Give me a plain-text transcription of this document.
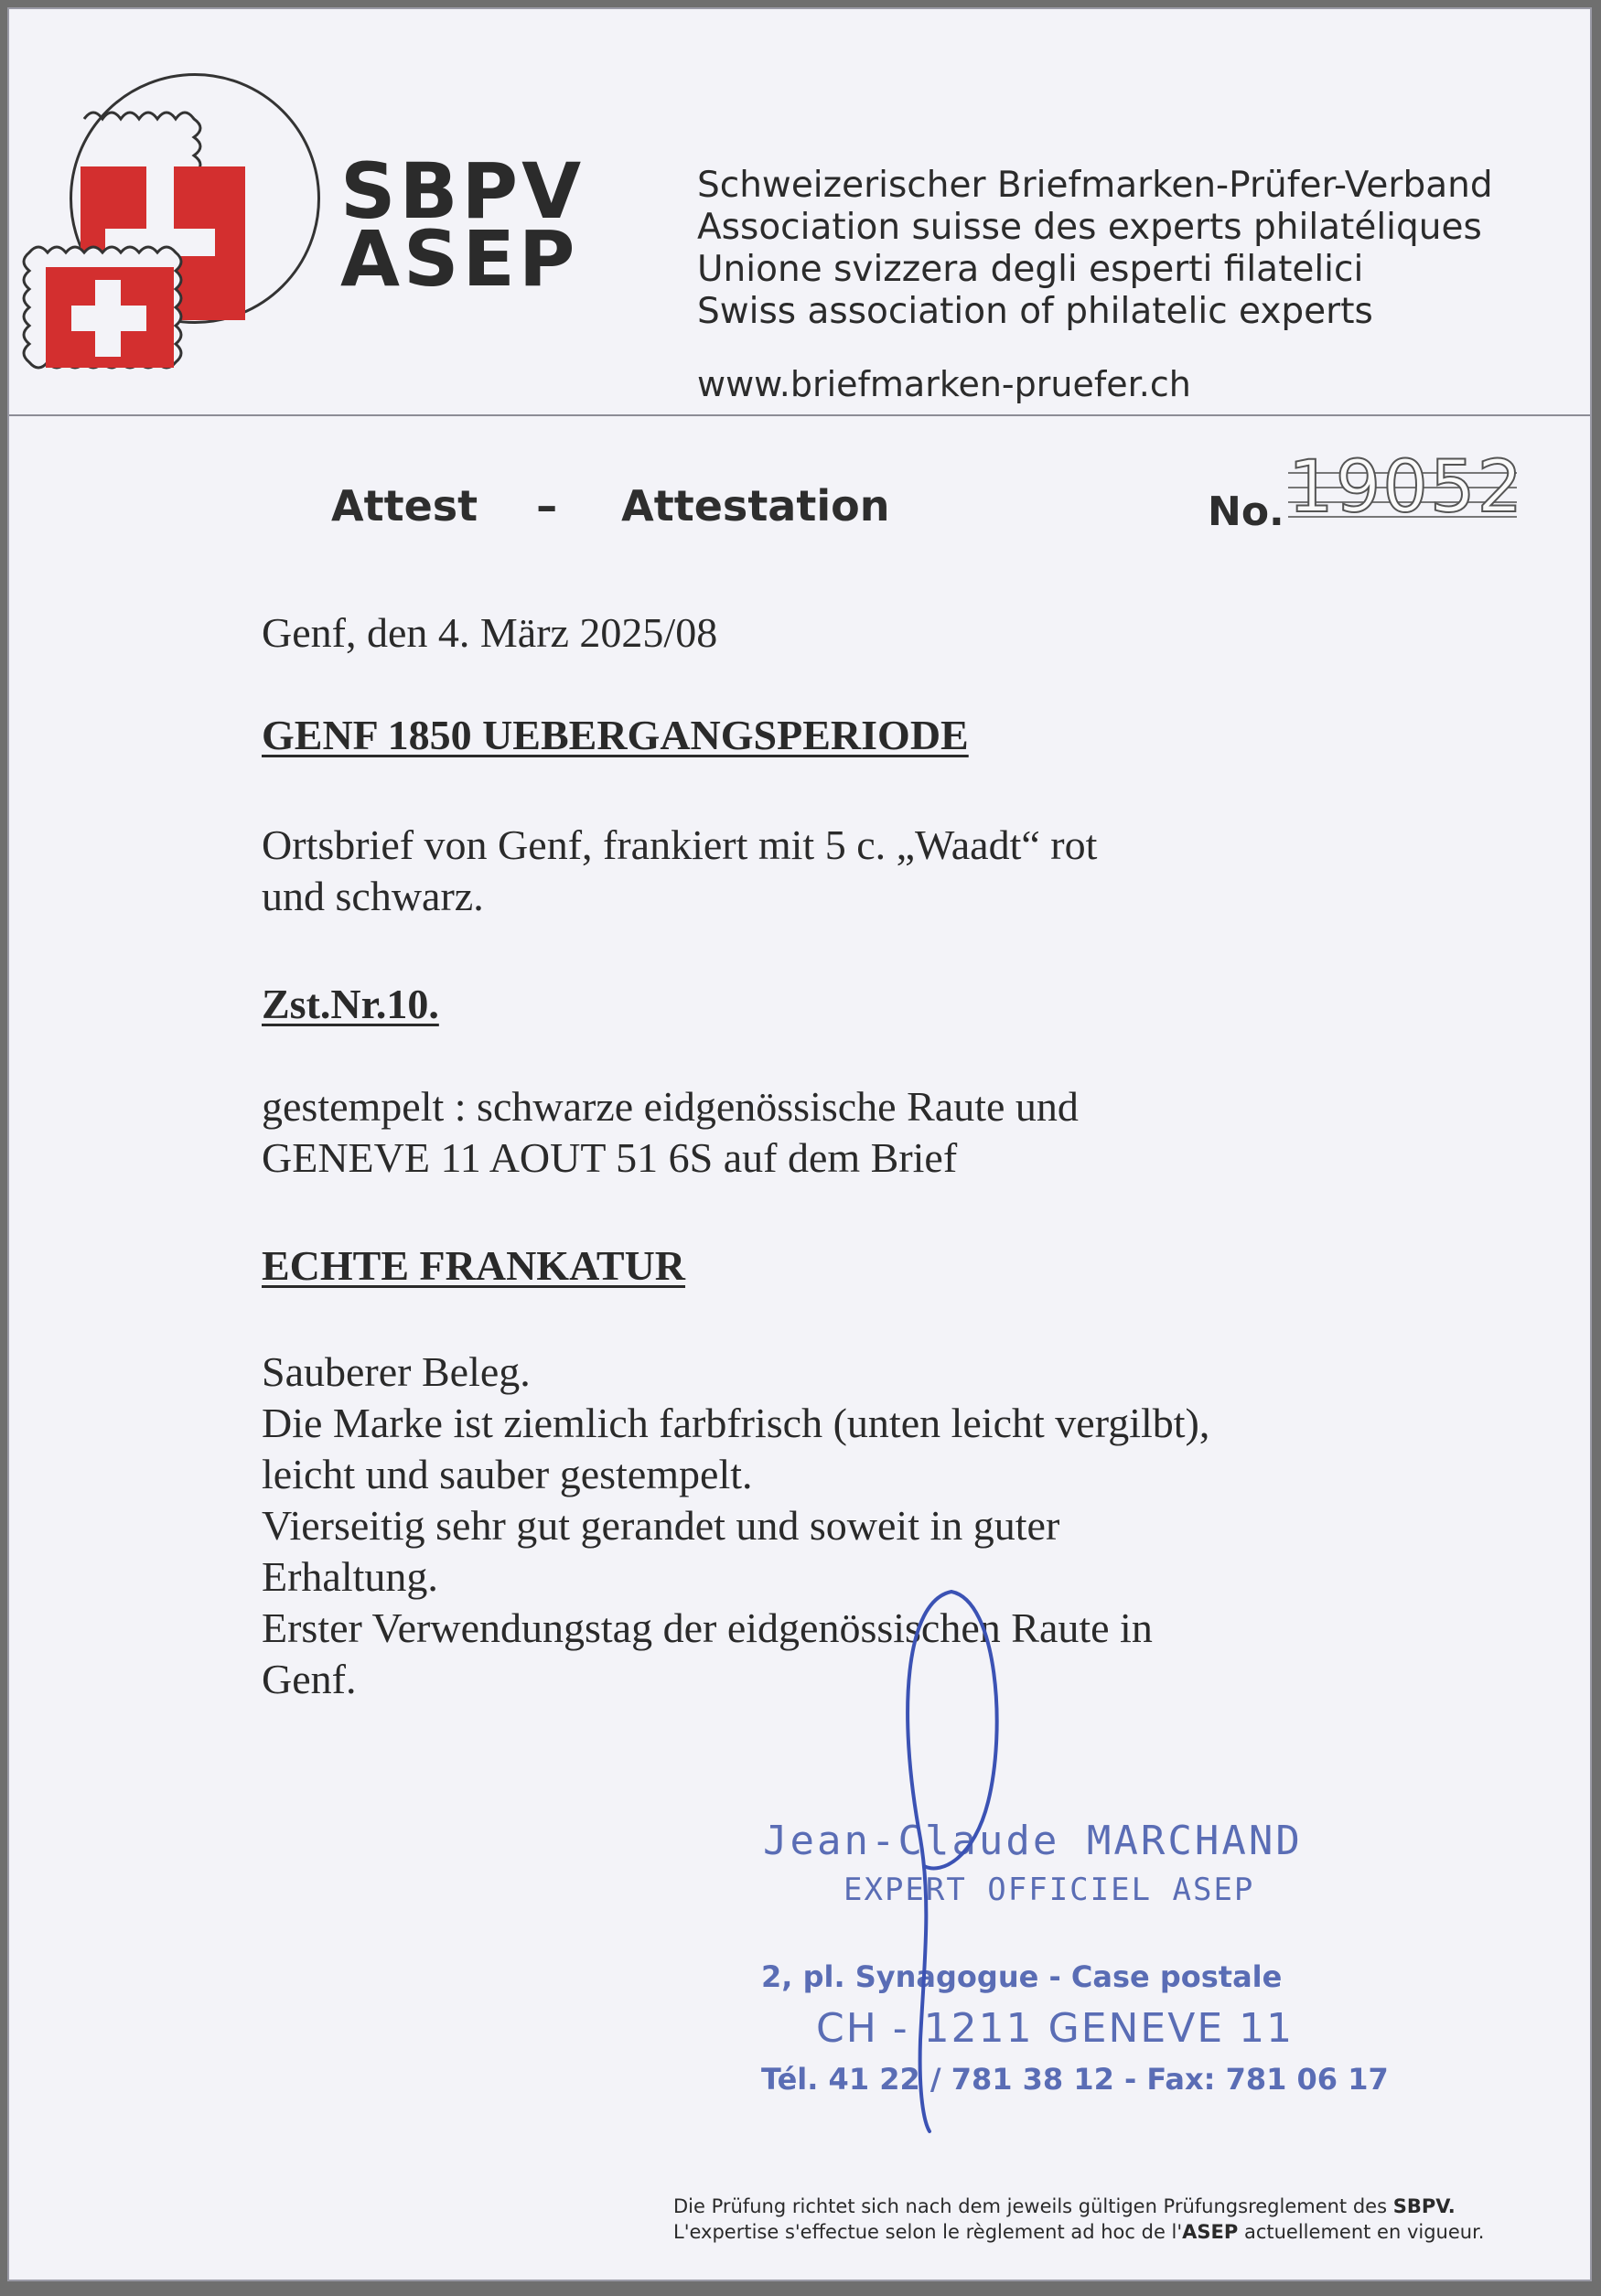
SBPV
ASEP
Schweizerischer Briefmarken-Prüfer-Verband
Association suisse des experts philatéliques
Unione svizzera degli esperti filatelici
Swiss association of philatelic experts
www.briefmarken-pruefer.ch
Attest – Attestation	No. 19052
Genf, den 4. März 2025/08
GENF 1850 UEBERGANGSPERIODE
Ortsbrief von Genf, frankiert mit 5 c. „Waadt“ rot
und schwarz.
Zst.Nr.10.
gestempelt : schwarze eidgenössische Raute und
GENEVE 11 AOUT 51 6S auf dem Brief
ECHTE FRANKATUR
Sauberer Beleg.
Die Marke ist ziemlich farbfrisch (unten leicht vergilbt),
leicht und sauber gestempelt.
Vierseitig sehr gut gerandet und soweit in guter
Erhaltung.
Erster Verwendungstag der eidgenössischen Raute in
Genf.
Jean-Claude MARCHAND
EXPERT OFFICIEL ASEP
2, pl. Synagogue - Case postale
CH - 1211 GENEVE 11
Tél. 41 22 / 781 38 12 - Fax: 781 06 17
Die Prüfung richtet sich nach dem jeweils gültigen Prüfungsreglement des SBPV.
L'expertise s'effectue selon le règlement ad hoc de l'ASEP actuellement en vigueur.
